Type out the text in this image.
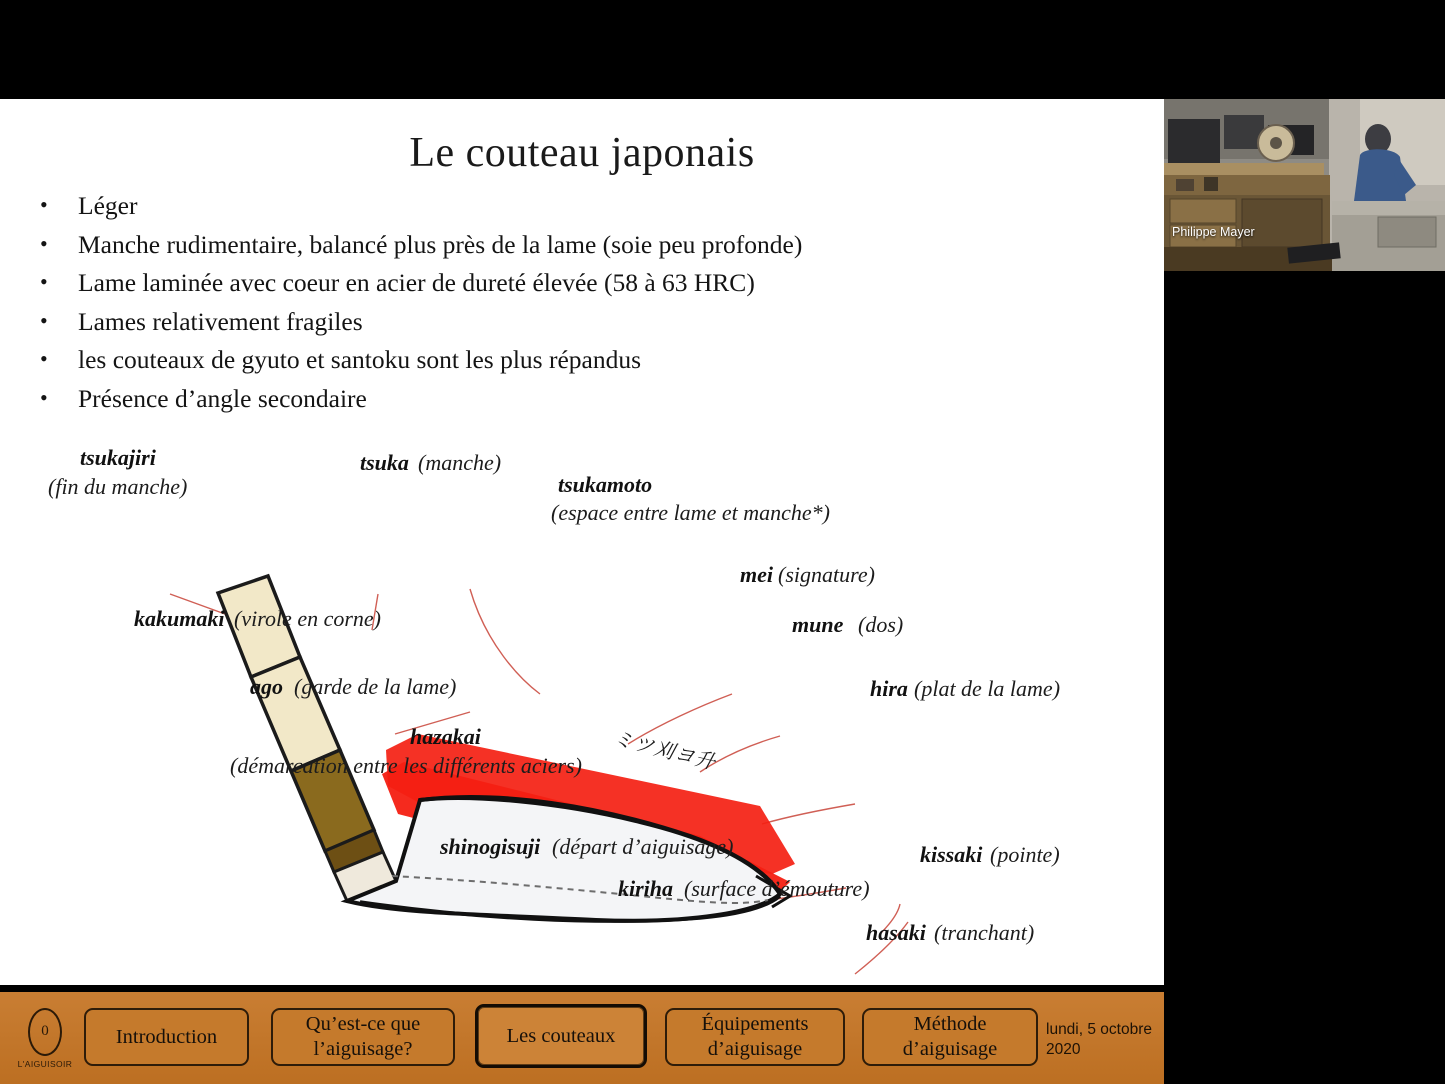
Le couteau japonais
• Léger
• Manche rudimentaire, balancé plus près de la lame (soie peu profonde)
• Lame laminée avec coeur en acier de dureté élevée (58 à 63 HRC)
• Lames relativement fragiles
• les couteaux de gyuto et santoku sont les plus répandus
• Présence d’angle secondaire
ミツ刈ヨ升
tsukajiri
(fin du manche)
tsuka (manche)
tsukamoto
(espace entre lame et manche*)
mei (signature)
mune (dos)
kakumaki (virole en corne)
hira (plat de la lame)
ago (garde de la lame)
hazakai
(démarcation entre les différents aciers)
shinogisuji (départ d’aiguisage)	kissaki (pointe)
kiriha (surface d’émouture)
hasaki (tranchant)
0
L'AIGUISOIR
Introduction
Qu’est-ce que l’aiguisage?
Les couteaux
Équipements d’aiguisage
Méthode d’aiguisage
lundi, 5 octobre 2020
Philippe Mayer
